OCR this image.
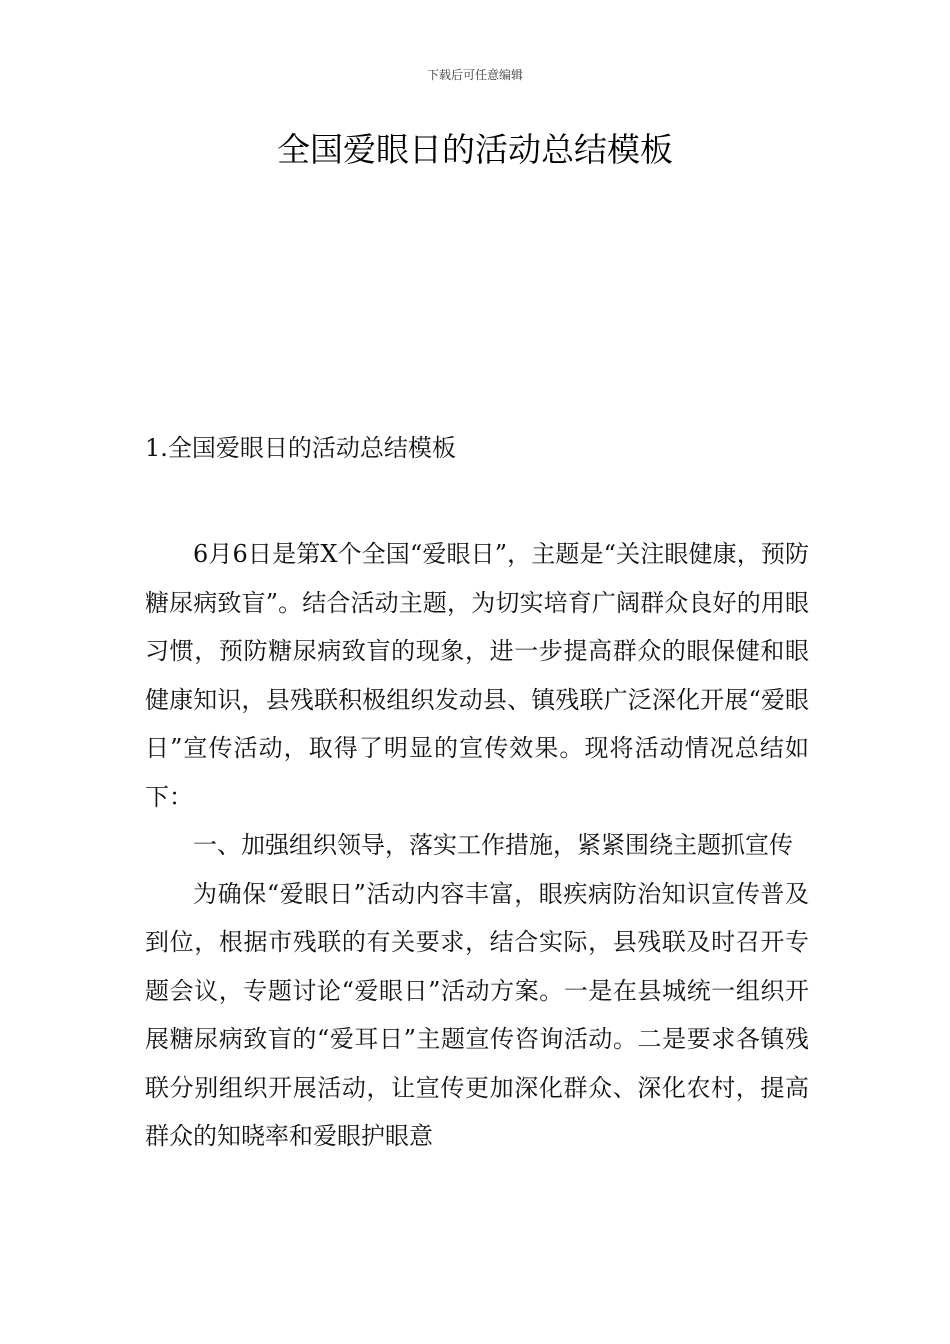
下载后可任意编辑
全国爱眼日的活动总结模板
1.全国爱眼日的活动总结模板

6月6日是第X个全国“爱眼日”，主题是“关注眼健康，预防糖尿病致盲”。结合活动主题，为切实培育广阔群众良好的用眼习惯，预防糖尿病致盲的现象，进一步提高群众的眼保健和眼健康知识，县残联积极组织发动县、镇残联广泛深化开展“爱眼日”宣传活动，取得了明显的宣传效果。现将活动情况总结如下：

一、加强组织领导，落实工作措施，紧紧围绕主题抓宣传

为确保“爱眼日”活动内容丰富，眼疾病防治知识宣传普及到位，根据市残联的有关要求，结合实际，县残联及时召开专题会议，专题讨论“爱眼日”活动方案。一是在县城统一组织开展糖尿病致盲的“爱耳日”主题宣传咨询活动。二是要求各镇残联分别组织开展活动，让宣传更加深化群众、深化农村，提高群众的知晓率和爱眼护眼意
